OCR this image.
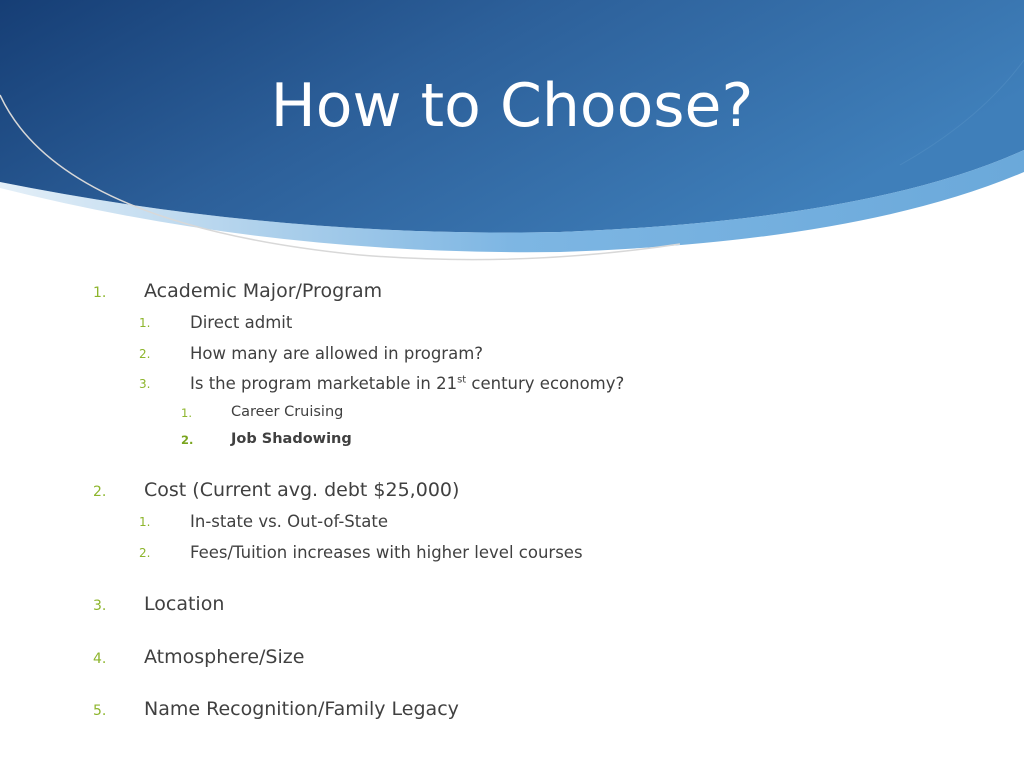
How to Choose?
1. Academic Major/Program
1. Direct admit
2. How many are allowed in program?
3. Is the program marketable in 21st century economy?
1.	Career Cruising
2.	Job Shadowing
2. Cost (Current avg. debt $25,000)
1. In-state vs. Out-of-State
2. Fees/Tuition increases with higher level courses
3. Location
4. Atmosphere/Size
5. Name Recognition/Family Legacy
